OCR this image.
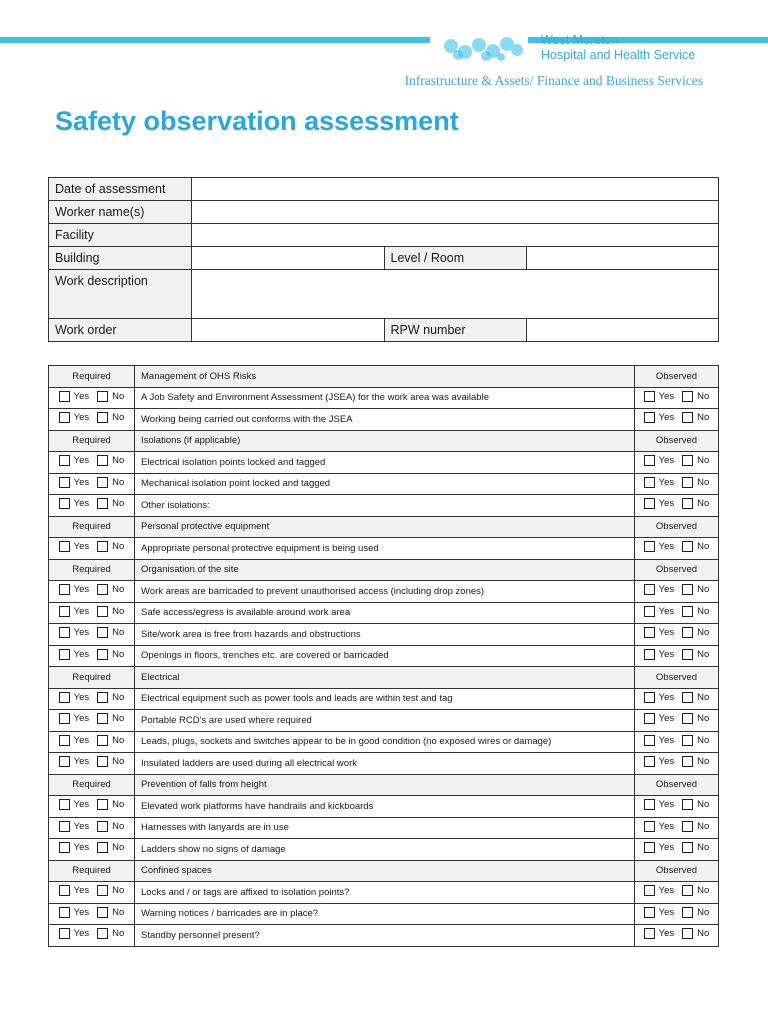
West Moreton
Hospital and Health Service
Infrastructure & Assets/ Finance and Business Services
Safety observation assessment
Date of assessment			
Worker name(s)			
Facility			
Building		Level / Room	
Work description			
Work order		RPW number	
Required	Management of OHS Risks	Observed

Yes No	A Job Safety and Environment Assessment (JSEA) for the work area was available	Yes No

Yes No	Working being carried out conforms with the JSEA	Yes No

Required	Isolations (if applicable)	Observed

Yes No	Electrical isolation points locked and tagged	Yes No

Yes No	Mechanical isolation point locked and tagged	Yes No

Yes No	Other isolations:	Yes No

Required	Personal protective equipment	Observed

Yes No	Appropriate personal protective equipment is being used	Yes No

Required	Organisation of the site	Observed

Yes No	Work areas are barricaded to prevent unauthorised access (including drop zones)	Yes No

Yes No	Safe access/egress is available around work area	Yes No

Yes No	Site/work area is free from hazards and obstructions	Yes No

Yes No	Openings in floors, trenches etc. are covered or barricaded	Yes No

Required	Electrical	Observed

Yes No	Electrical equipment such as power tools and leads are within test and tag	Yes No

Yes No	Portable RCD's are used where required	Yes No

Yes No	Leads, plugs, sockets and switches appear to be in good condition (no exposed wires or damage)	Yes No

Yes No	Insulated ladders are used during all electrical work	Yes No

Required	Prevention of falls from height	Observed

Yes No	Elevated work platforms have handrails and kickboards	Yes No

Yes No	Harnesses with lanyards are in use	Yes No

Yes No	Ladders show no signs of damage	Yes No

Required	Confined spaces	Observed

Yes No	Locks and / or tags are affixed to isolation points?	Yes No

Yes No	Warning notices / barricades are in place?	Yes No

Yes No	Standby personnel present?	Yes No
